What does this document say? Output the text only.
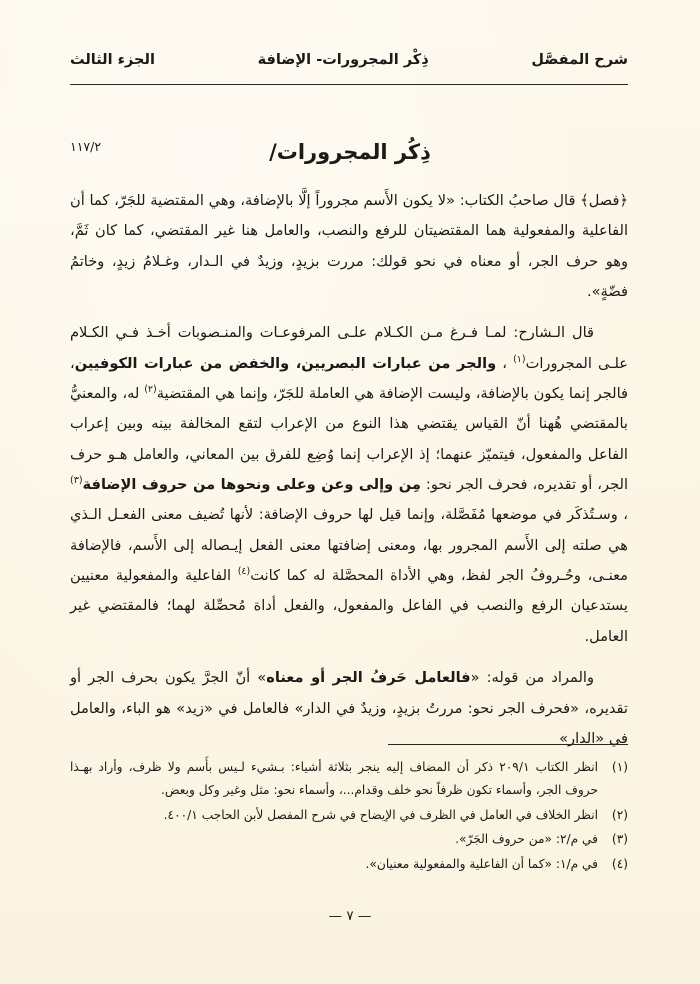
شرح المفصَّل
ذِكْر المجرورات- الإضافة
الجزء الثالث
١١٧/٢	ذِكُر المجرورات/

﴿فصل﴾ قال صاحبُ الكتاب: «لا يكون الأَسم مجروراً إلَّا بالإضافة، وهي المقتضية للجَرّ، كما أن الفاعلية والمفعولية هما المقتضيتان للرفع والنصب، والعامل هنا غير المقتضي، كما كان ثَمَّ، وهو حرف الجر، أو معناه في نحو قولك: مررت بزيدٍ، وزيدٌ في الـدار، وغـلامُ زيدٍ، وخاتمُ فضّةٍ».

قال الـشارح: لمـا فـرغ مـن الكـلام علـى المرفوعـات والمنـصوبات أخـذ فـي الكـلام علـى المجرورات$^{(١)}$ ، والجر من عبارات البصريين، والخفض من عبارات الكوفيين، فالجر إنما يكون بالإضافة، وليست الإضافة هي العاملة للجَرّ، وإنما هي المقتضية$^{(٢)}$ له، والمعنيُّ بالمقتضي هُهنا أنّ القياس يقتضي هذا النوع من الإعراب لتقع المخالفة بينه وبين إعراب الفاعل والمفعول، فيتميّز عنهما؛ إذ الإعراب إنما وُضِع للفرق بين المعاني، والعامل هـو حرف الجر، أو تقديره، فحرف الجر نحو: مِن وإلى وعن وعلى ونحوها من حروف الإضافة$^{(٣)}$ ، وسـتُذكَر في موضعها مُفَصَّلة، وإنما قيل لها حروف الإضافة: لأنها تُضيف معنى الفعـل الـذي هي صلته إلى الأَسم المجرور بها، ومعنى إضافتها معنى الفعل إيـصاله إلى الأَسم، فالإضافة معنـى، وحُـروفُ الجر لفظ، وهي الأداة المحصَّلة له كما كانت$^{(٤)}$ الفاعلية والمفعولية معنيين يستدعيان الرفع والنصب في الفاعل والمفعول، والفعل أداة مُحصِّلة لهما؛ فالمقتضي غير العامل.

والمراد من قوله: «فالعامل حَرفُ الجر أو معناه» أنّ الجرَّ يكون بحرف الجر أو تقديره، «فحرف الجر نحو: مررتُ بزيدٍ، وزيدٌ في الدار» فالعامل في «زيد» هو الباء، والعامل في «الدار»

(١)
انظر الكتاب ٢٠٩/١ ذكر أن المضاف إليه ينجر بثلاثة أشياء: بـشيء لـيس بأَسم ولا ظرف، وأراد بهـذا حروف الجر، وأسماء تكون ظرفاً نحو خلف وقدام...، وأسماء نحو: مثل وغير وكل وبعض.
(٢)
انظر الخلاف في العامل في الظرف في الإيضاح في شرح المفصل لأبن الحاجب ٤٠٠/١.
(٣)
في م/٢: «من حروف الجَرّ».
(٤)
في م/١: «كما أن الفاعلية والمفعولية معنيان».
— ٧ —
